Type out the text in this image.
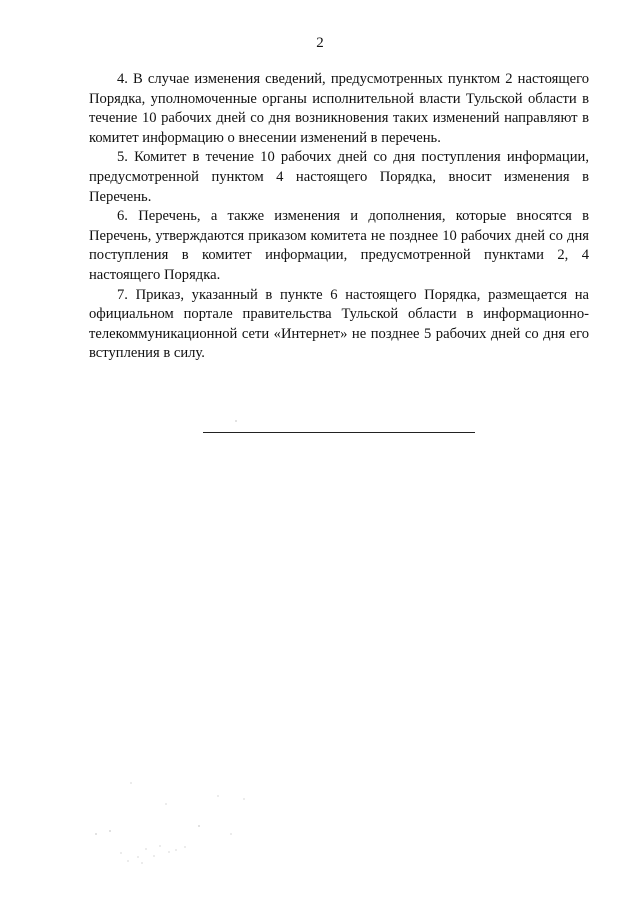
2

4. В случае изменения сведений, предусмотренных пунктом 2 настоящего Порядка, уполномоченные органы исполнительной власти Тульской области в течение 10 рабочих дней со дня возникновения таких изменений направляют в комитет информацию о внесении изменений в перечень.

5. Комитет в течение 10 рабочих дней со дня поступления информации, предусмотренной пунктом 4 настоящего Порядка, вносит изменения в Перечень.

6. Перечень, а также изменения и дополнения, которые вносятся в Перечень, утверждаются приказом комитета не позднее 10 рабочих дней со дня поступления в комитет информации, предусмотренной пунктами 2, 4 настоящего Порядка.

7. Приказ, указанный в пункте 6 настоящего Порядка, размещается на официальном портале правительства Тульской области в информационно-телекоммуникационной сети «Интернет» не позднее 5 рабочих дней со дня его вступления в силу.
